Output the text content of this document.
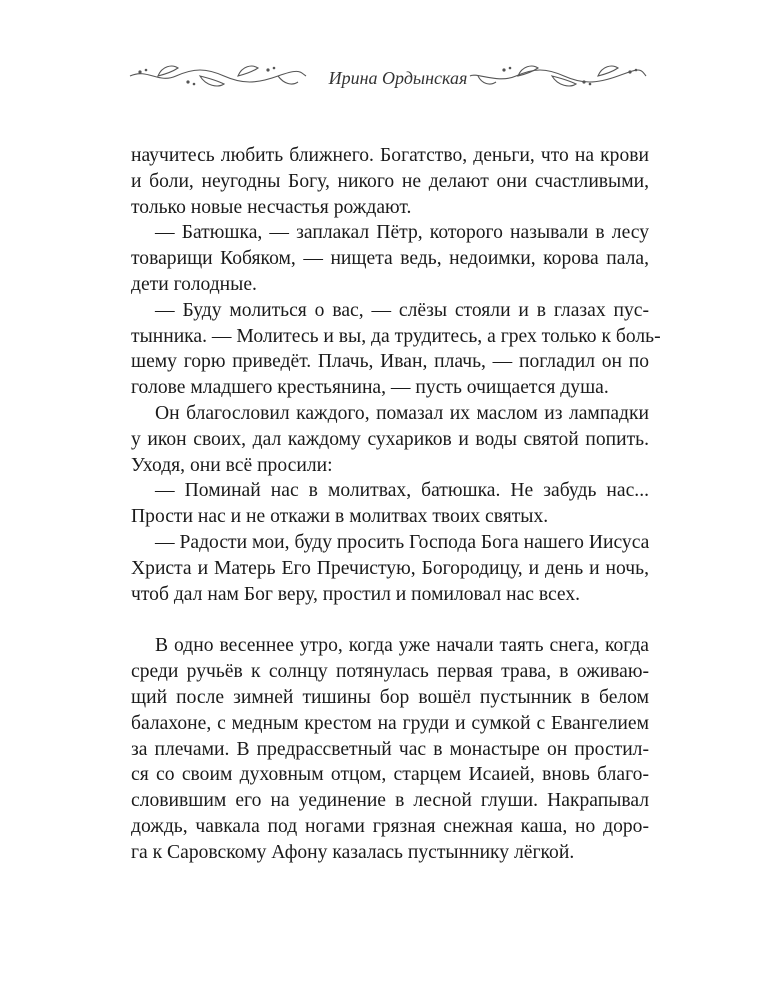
Ирина Ордынская
научитесь любить ближнего. Богатство, деньги, что на крови
и боли, неугодны Богу, никого не делают они счастливыми,
только новые несчастья рождают.
— Батюшка, — заплакал Пётр, которого называли в лесу
товарищи Кобяком, — нищета ведь, недоимки, корова пала,
дети голодные.
— Буду молиться о вас, — слёзы стояли и в глазах пус-
тынника. — Молитесь и вы, да трудитесь, а грех только к боль-
шему горю приведёт. Плачь, Иван, плачь, — погладил он по
голове младшего крестьянина, — пусть очищается душа.
Он благословил каждого, помазал их маслом из лампадки
у икон своих, дал каждому сухариков и воды святой попить.
Уходя, они всё просили:
— Поминай нас в молитвах, батюшка. Не забудь нас...
Прости нас и не откажи в молитвах твоих святых.
— Радости мои, буду просить Господа Бога нашего Иисуса
Христа и Матерь Его Пречистую, Богородицу, и день и ночь,
чтоб дал нам Бог веру, простил и помиловал нас всех.
В одно весеннее утро, когда уже начали таять снега, когда
среди ручьёв к солнцу потянулась первая трава, в оживаю-
щий после зимней тишины бор вошёл пустынник в белом
балахоне, с медным крестом на груди и сумкой с Евангелием
за плечами. В предрассветный час в монастыре он простил-
ся со своим духовным отцом, старцем Исаией, вновь благо-
словившим его на уединение в лесной глуши. Накрапывал
дождь, чавкала под ногами грязная снежная каша, но доро-
га к Саровскому Афону казалась пустыннику лёгкой.
